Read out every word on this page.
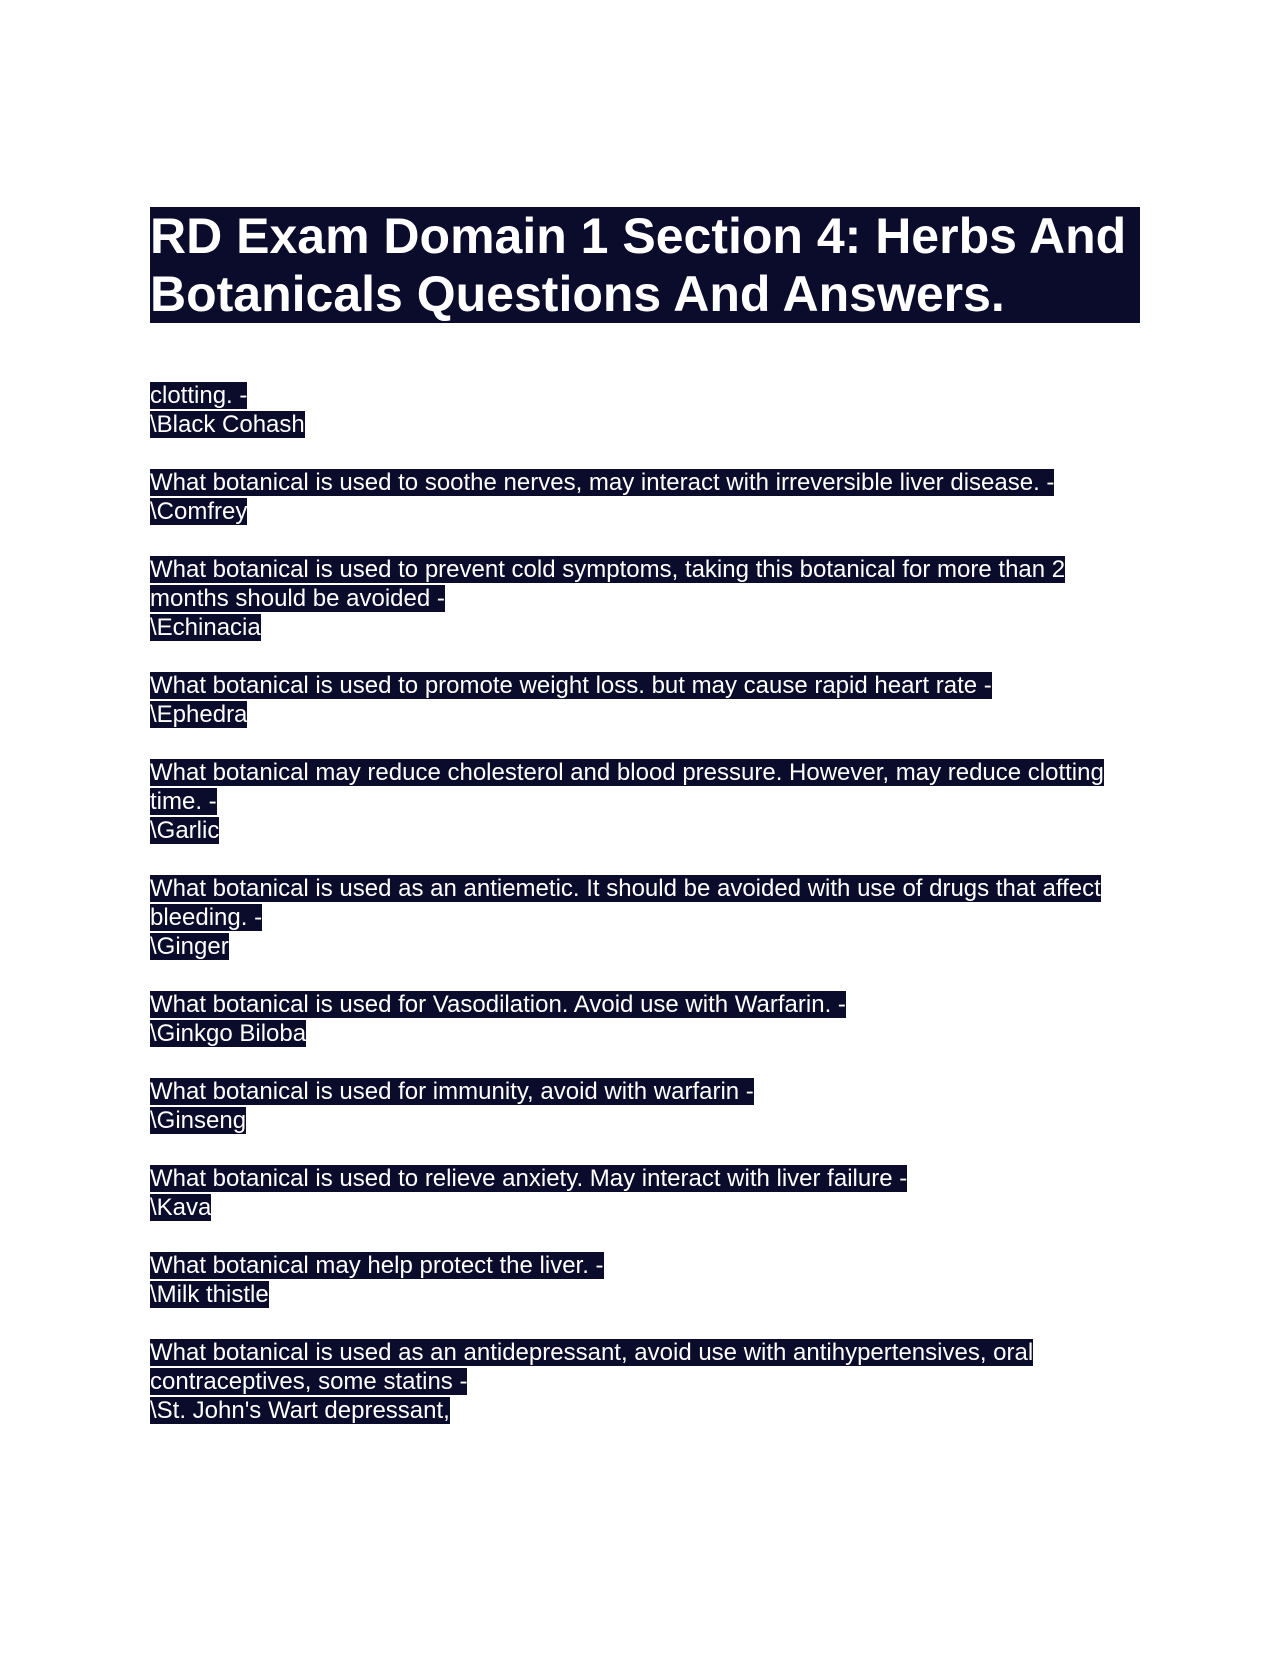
RD Exam Domain 1 Section 4: Herbs And Botanicals Questions And Answers.
clotting. -
\Black Cohash
What botanical is used to soothe nerves, may interact with irreversible liver disease. -
\Comfrey
What botanical is used to prevent cold symptoms, taking this botanical for more than 2 months should be avoided -
\Echinacia
What botanical is used to promote weight loss. but may cause rapid heart rate -
\Ephedra
What botanical may reduce cholesterol and blood pressure. However, may reduce clotting time. -
\Garlic
What botanical is used as an antiemetic. It should be avoided with use of drugs that affect bleeding. -
\Ginger
What botanical is used for Vasodilation. Avoid use with Warfarin. -
\Ginkgo Biloba
What botanical is used for immunity, avoid with warfarin -
\Ginseng
What botanical is used to relieve anxiety. May interact with liver failure -
\Kava
What botanical may help protect the liver. -
\Milk thistle
What botanical is used as an antidepressant, avoid use with antihypertensives, oral contraceptives, some statins -
\St. John's Wart depressant,
